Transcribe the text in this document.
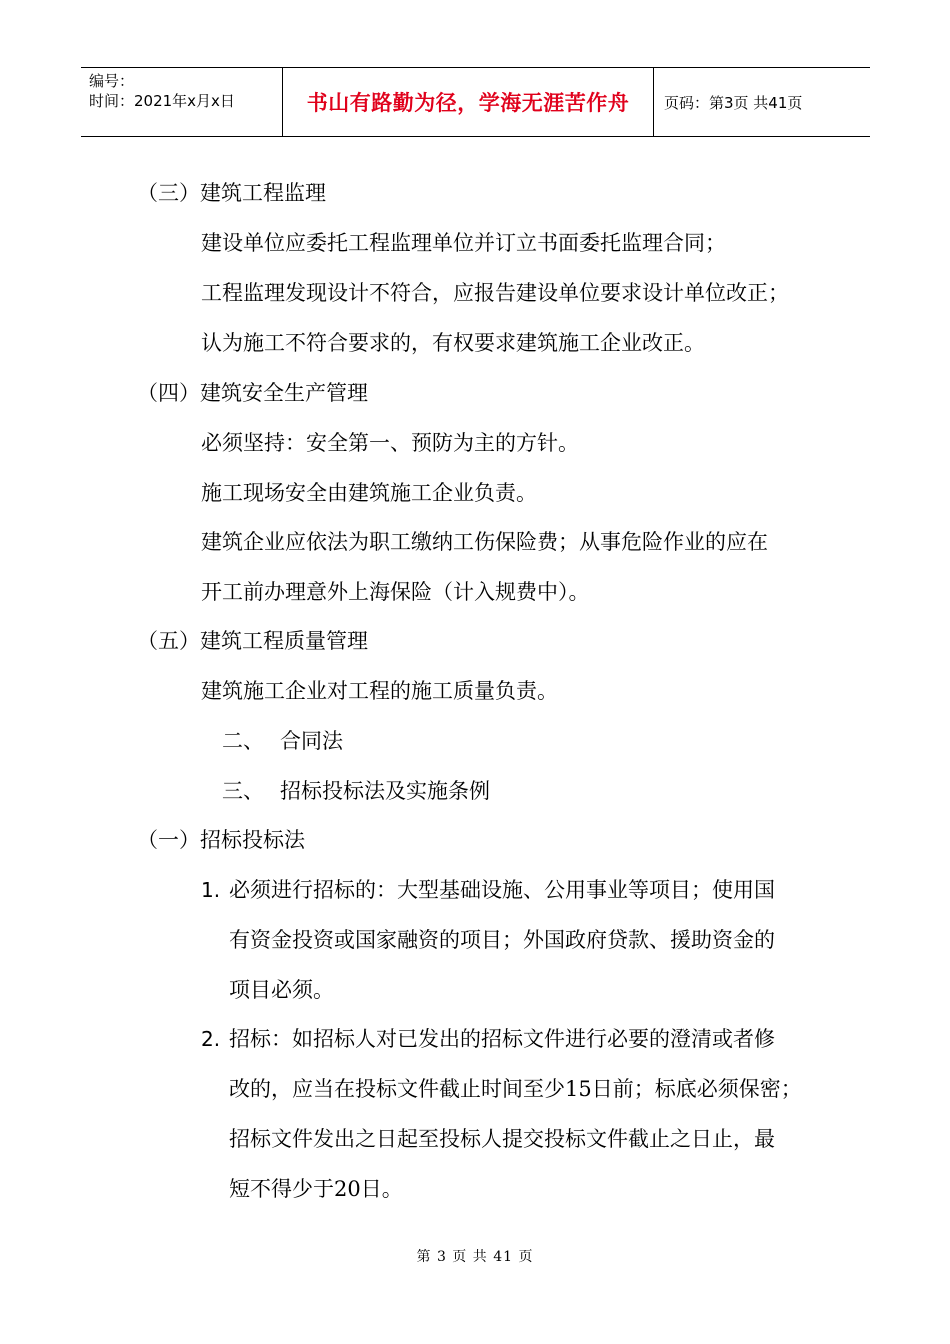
编号：
时间：2021年x月x日	书山有路勤为径，学海无涯苦作舟 页码：第3页 共41页
（三）建筑工程监理
建设单位应委托工程监理单位并订立书面委托监理合同；
工程监理发现设计不符合，应报告建设单位要求设计单位改正；
认为施工不符合要求的，有权要求建筑施工企业改正。
（四）建筑安全生产管理
必须坚持：安全第一、预防为主的方针。
施工现场安全由建筑施工企业负责。
建筑企业应依法为职工缴纳工伤保险费；从事危险作业的应在
开工前办理意外上海保险（计入规费中）。
（五）建筑工程质量管理
建筑施工企业对工程的施工质量负责。
二、 合同法
三、 招标投标法及实施条例
（一）招标投标法
1. 必须进行招标的：大型基础设施、公用事业等项目；使用国
有资金投资或国家融资的项目；外国政府贷款、援助资金的
项目必须。
2. 招标：如招标人对已发出的招标文件进行必要的澄清或者修
改的，应当在投标文件截止时间至少15日前；标底必须保密；
招标文件发出之日起至投标人提交投标文件截止之日止，最
短不得少于20日。
第 3 页 共 41 页
